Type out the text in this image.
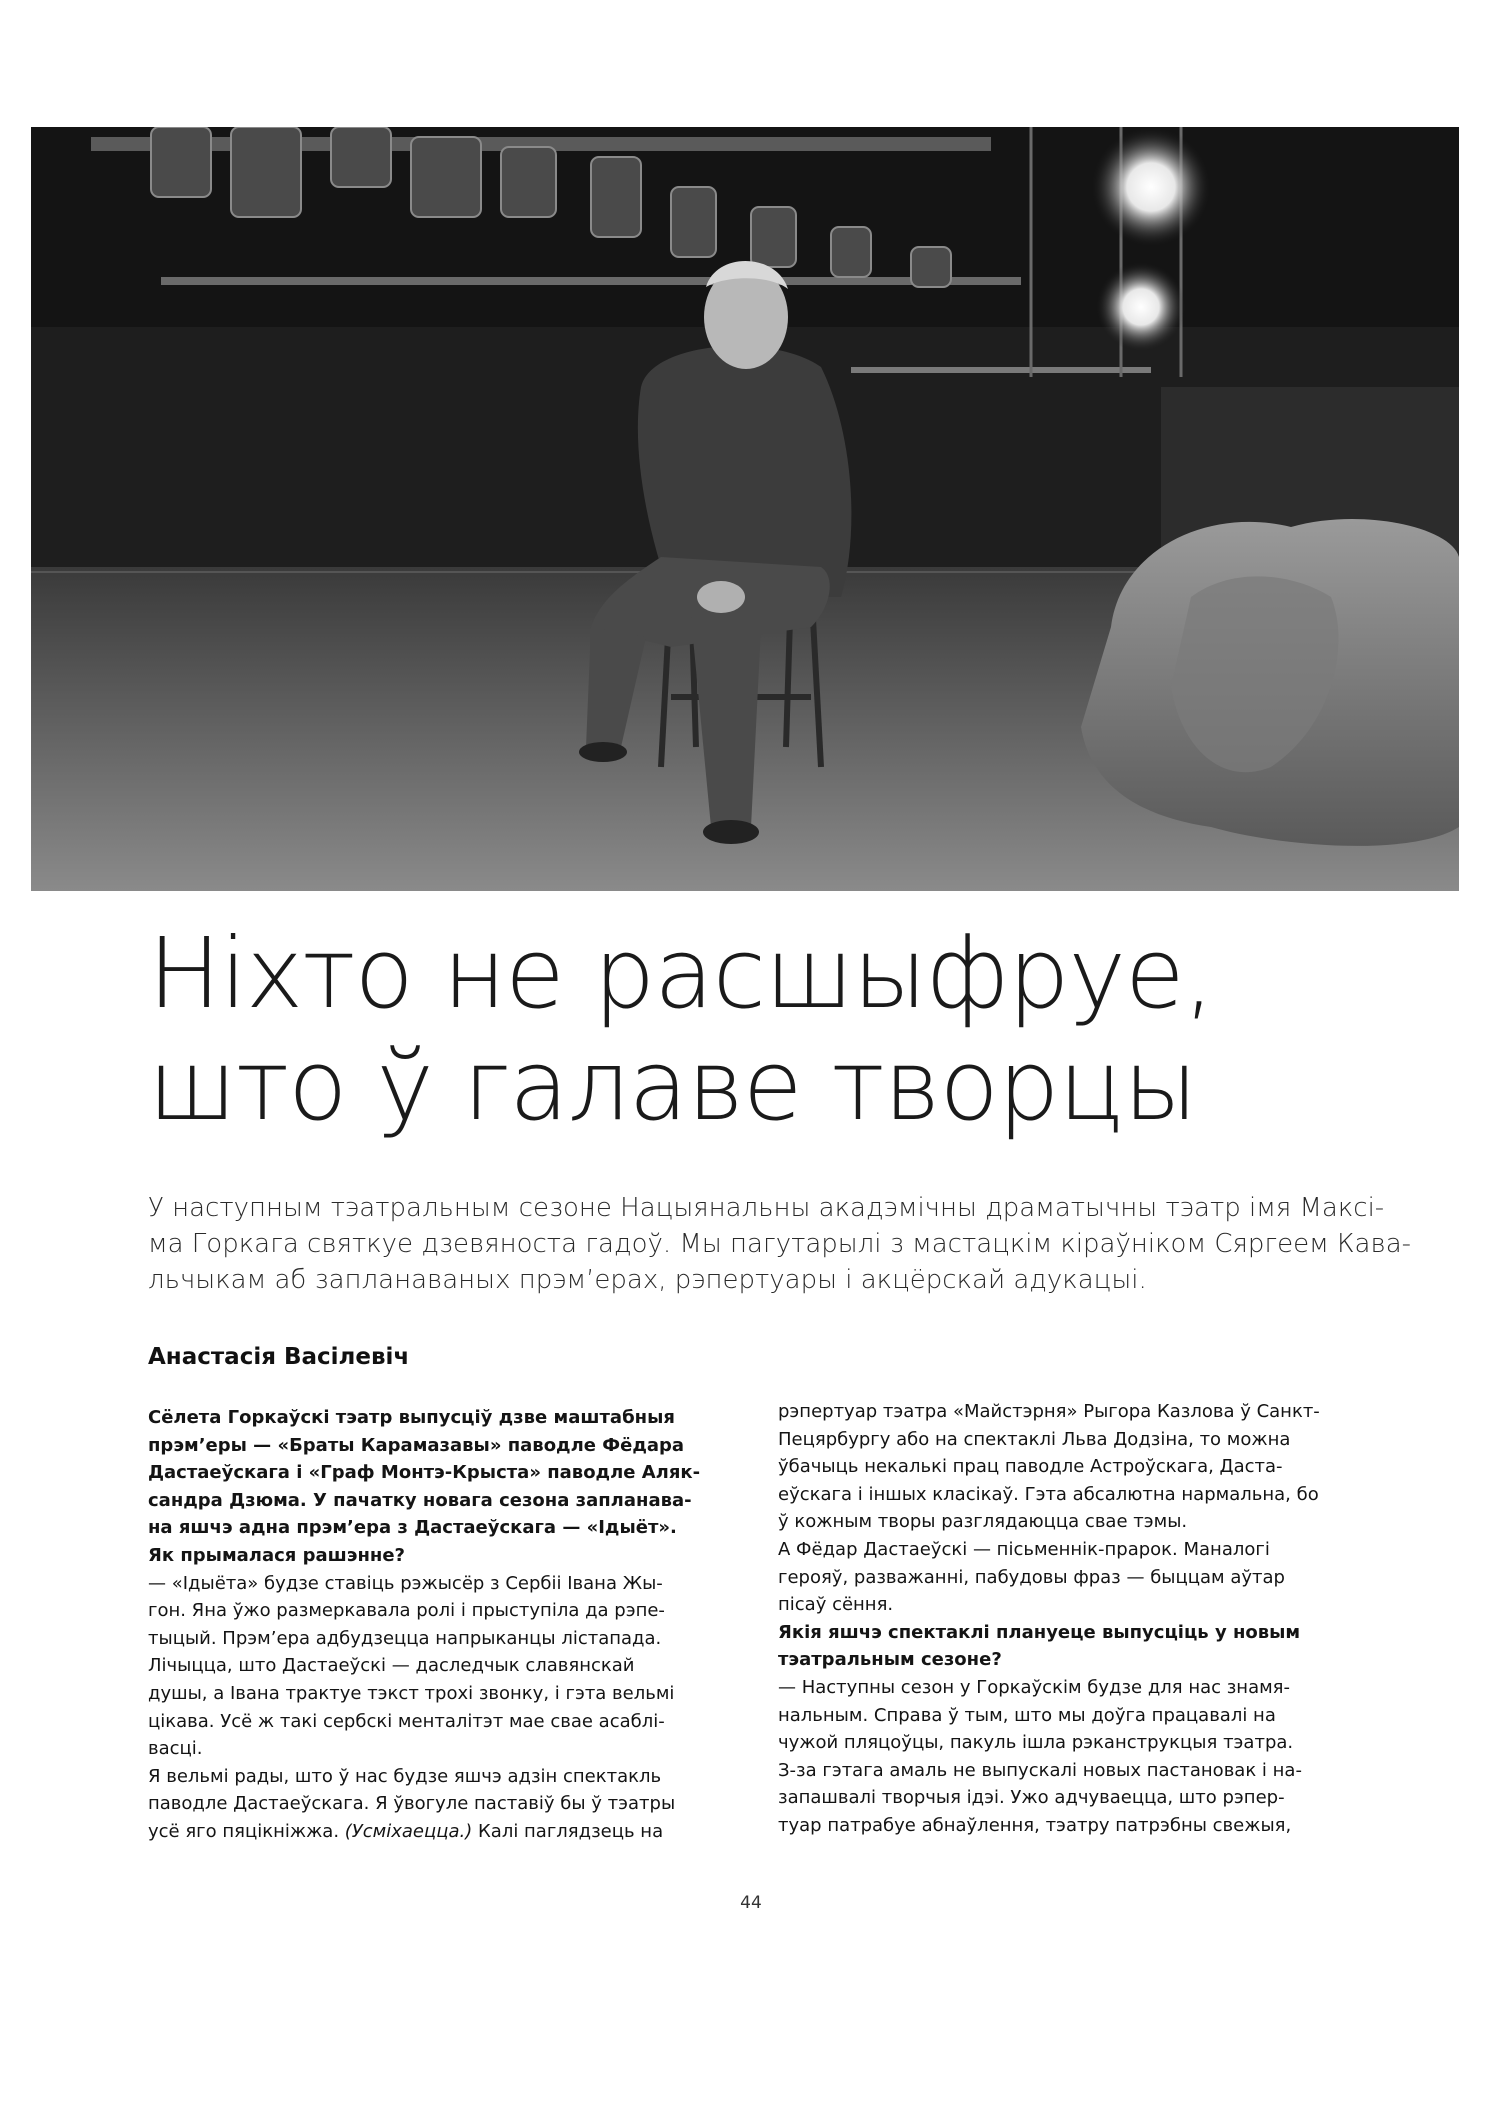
Ніхто не расшыфруе,
што ў галаве творцы

У наступным тэатральным сезоне Нацыянальны акадэмічны драматычны тэатр імя Максі-
ма Горкага святкуе дзевяноста гадоў. Мы пагутарылі з мастацкім кіраўніком Сяргеем Кава-
льчыкам аб запланаваных прэм’ерах, рэпертуары і акцёрскай адукацыі.

Анастасія Васілевіч

Сёлета Горкаўскі тэатр выпусціў дзве маштабныя
прэм’еры — «Браты Карамазавы» паводле Фёдара
Дастаеўскага і «Граф Монтэ-Крыста» паводле Аляк-
сандра Дзюма. У пачатку новага сезона запланава-
на яшчэ адна прэм’ера з Дастаеўскага — «Ідыёт».
Як прымалася рашэнне?
— «Ідыёта» будзе ставіць рэжысёр з Сербіі Івана Жы-
гон. Яна ўжо размеркавала ролі і прыступіла да рэпе-
тыцый. Прэм’ера адбудзецца напрыканцы лістапада.
Лічыцца, што Дастаеўскі — даследчык славянскай
душы, а Івана трактуе тэкст трохі звонку, і гэта вельмі
цікава. Усё ж такі сербскі менталітэт мае свае асаблі-
васці.
Я вельмі рады, што ў нас будзе яшчэ адзін спектакль
паводле Дастаеўскага. Я ўвогуле паставіў бы ў тэатры
усё яго пяцікніжжа. (Усміхаецца.) Калі паглядзець на
рэпертуар тэатра «Майстэрня» Рыгора Казлова ў Санкт-
Пецярбургу або на спектаклі Льва Додзіна, то можна
ўбачыць некалькі прац паводле Астроўскага, Даста-
еўскага і іншых класікаў. Гэта абсалютна нармальна, бо
ў кожным творы разглядаюцца свае тэмы.
А Фёдар Дастаеўскі — пісьменнік-прарок. Маналогі
герояў, разважанні, пабудовы фраз — быццам аўтар
пісаў сёння.
Якія яшчэ спектаклі плануеце выпусціць у новым
тэатральным сезоне?
— Наступны сезон у Горкаўскім будзе для нас знамя-
нальным. Справа ў тым, што мы доўга працавалі на
чужой пляцоўцы, пакуль ішла рэканструкцыя тэатра.
З-за гэтага амаль не выпускалі новых пастановак і на-
запашвалі творчыя ідэі. Ужо адчуваецца, што рэпер-
туар патрабуе абнаўлення, тэатру патрэбны свежыя,
44
